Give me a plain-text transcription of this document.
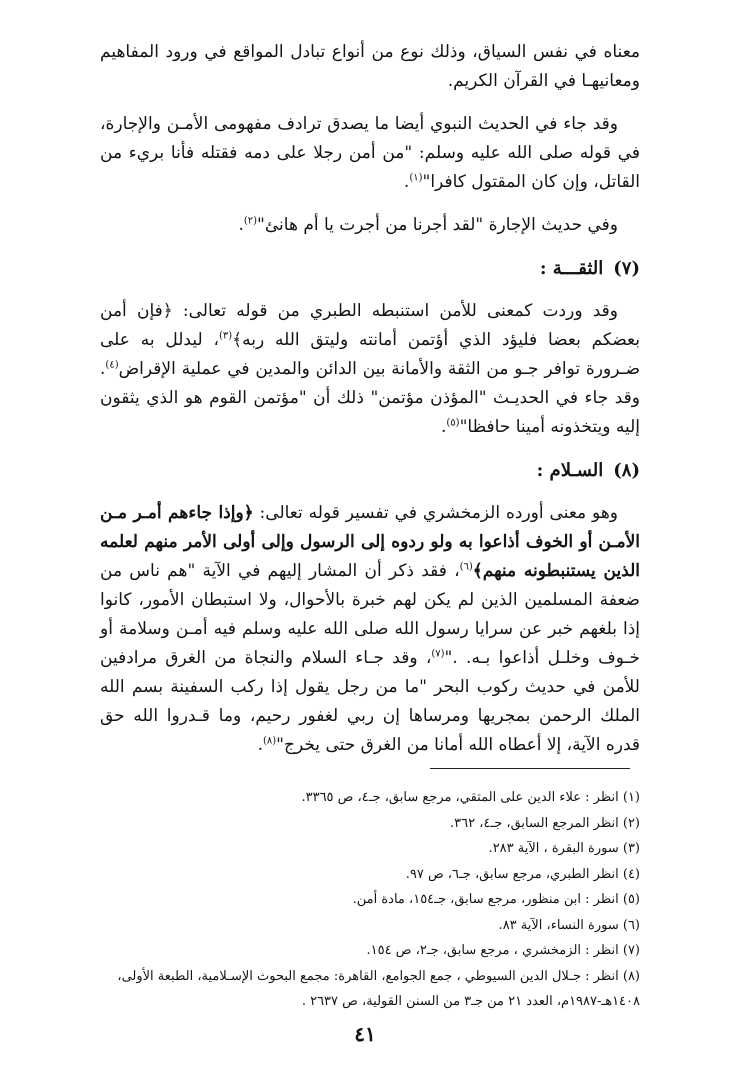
معناه في نفس السياق، وذلك نوع من أنواع تبادل المواقع في ورود المفاهيم ومعانيهـا في القرآن الكريم.

وقد جاء في الحديث النبوي أيضا ما يصدق ترادف مفهومى الأمـن والإجارة، في قوله صلى الله عليه وسلم: "من أمن رجلا على دمه فقتله فأنا بريء من القاتل، وإن كان المقتول كافرا"$^{(١)}$.

وفي حديث الإجارة "لقد أجرنا من أجرت يا أم هانئ"$^{(٢)}$.

(٧)الثقـــة :

وقد وردت كمعنى للأمن استنبطه الطبري من قوله تعالى: ﴿فإن أمن بعضكم بعضا فليؤد الذي أؤتمن أمانته وليتق الله ربه﴾$^{(٣)}$، ليدلل به على ضـرورة توافر جـو من الثقة والأمانة بين الدائن والمدين في عملية الإقراض$^{(٤)}$. وقد جاء في الحديـث "المؤذن مؤتمن" ذلك أن "مؤتمن القوم هو الذي يثقون إليه ويتخذونه أمينا حافظا"$^{(٥)}$.

(٨)السـلام :

وهو معنى أورده الزمخشري في تفسير قوله تعالى: ﴿وإذا جاءهم أمـر مـن الأمـن أو الخوف أذاعوا به ولو ردوه إلى الرسول وإلى أولى الأمر منهم لعلمه الذين يستنبطونه منهم﴾$^{(٦)}$، فقد ذكر أن المشار إليهم في الآية "هم ناس من ضعفة المسلمين الذين لم يكن لهم خبرة بالأحوال، ولا استبطان الأمور، كانوا إذا بلغهم خبر عن سرايا رسول الله صلى الله عليه وسلم فيه أمـن وسلامة أو خـوف وخلـل أذاعوا بـه. ."$^{(٧)}$، وقد جـاء السلام والنجاة من الغرق مرادفين للأمن في حديث ركوب البحر "ما من رجل يقول إذا ركب السفينة بسم الله الملك الرحمن بمجريها ومرساها إن ربي لغفور رحيم، وما قـدروا الله حق قدره الآية، إلا أعطاه الله أمانا من الغرق حتى يخرج"$^{(٨)}$.

(١) انظر : علاء الدين على المتقي، مرجع سابق، جـ٤، ص ٣٣٦٥.

(٢) انظر المرجع السابق، جـ٤، ٣٦٢.

(٣) سورة البقرة ، الآية ٢٨٣.

(٤) انظر الطبري، مرجع سابق، جـ٦، ص ٩٧.

(٥) انظر : ابن منظور، مرجع سابق، جـ١٥٤، مادة أمن.

(٦) سورة النساء، الآية ٨٣.

(٧) انظر : الزمخشري ، مرجع سابق، جـ٢، ص ١٥٤.

(٨) انظر : جـلال الدين السيوطي ، جمع الجوامع، القاهرة: مجمع البحوث الإسـلامية، الطبعة الأولى، ١٤٠٨هـ-١٩٨٧م، العدد ٢١ من جـ٣ من السنن القولية، ص ٢٦٣٧ .

٤١
